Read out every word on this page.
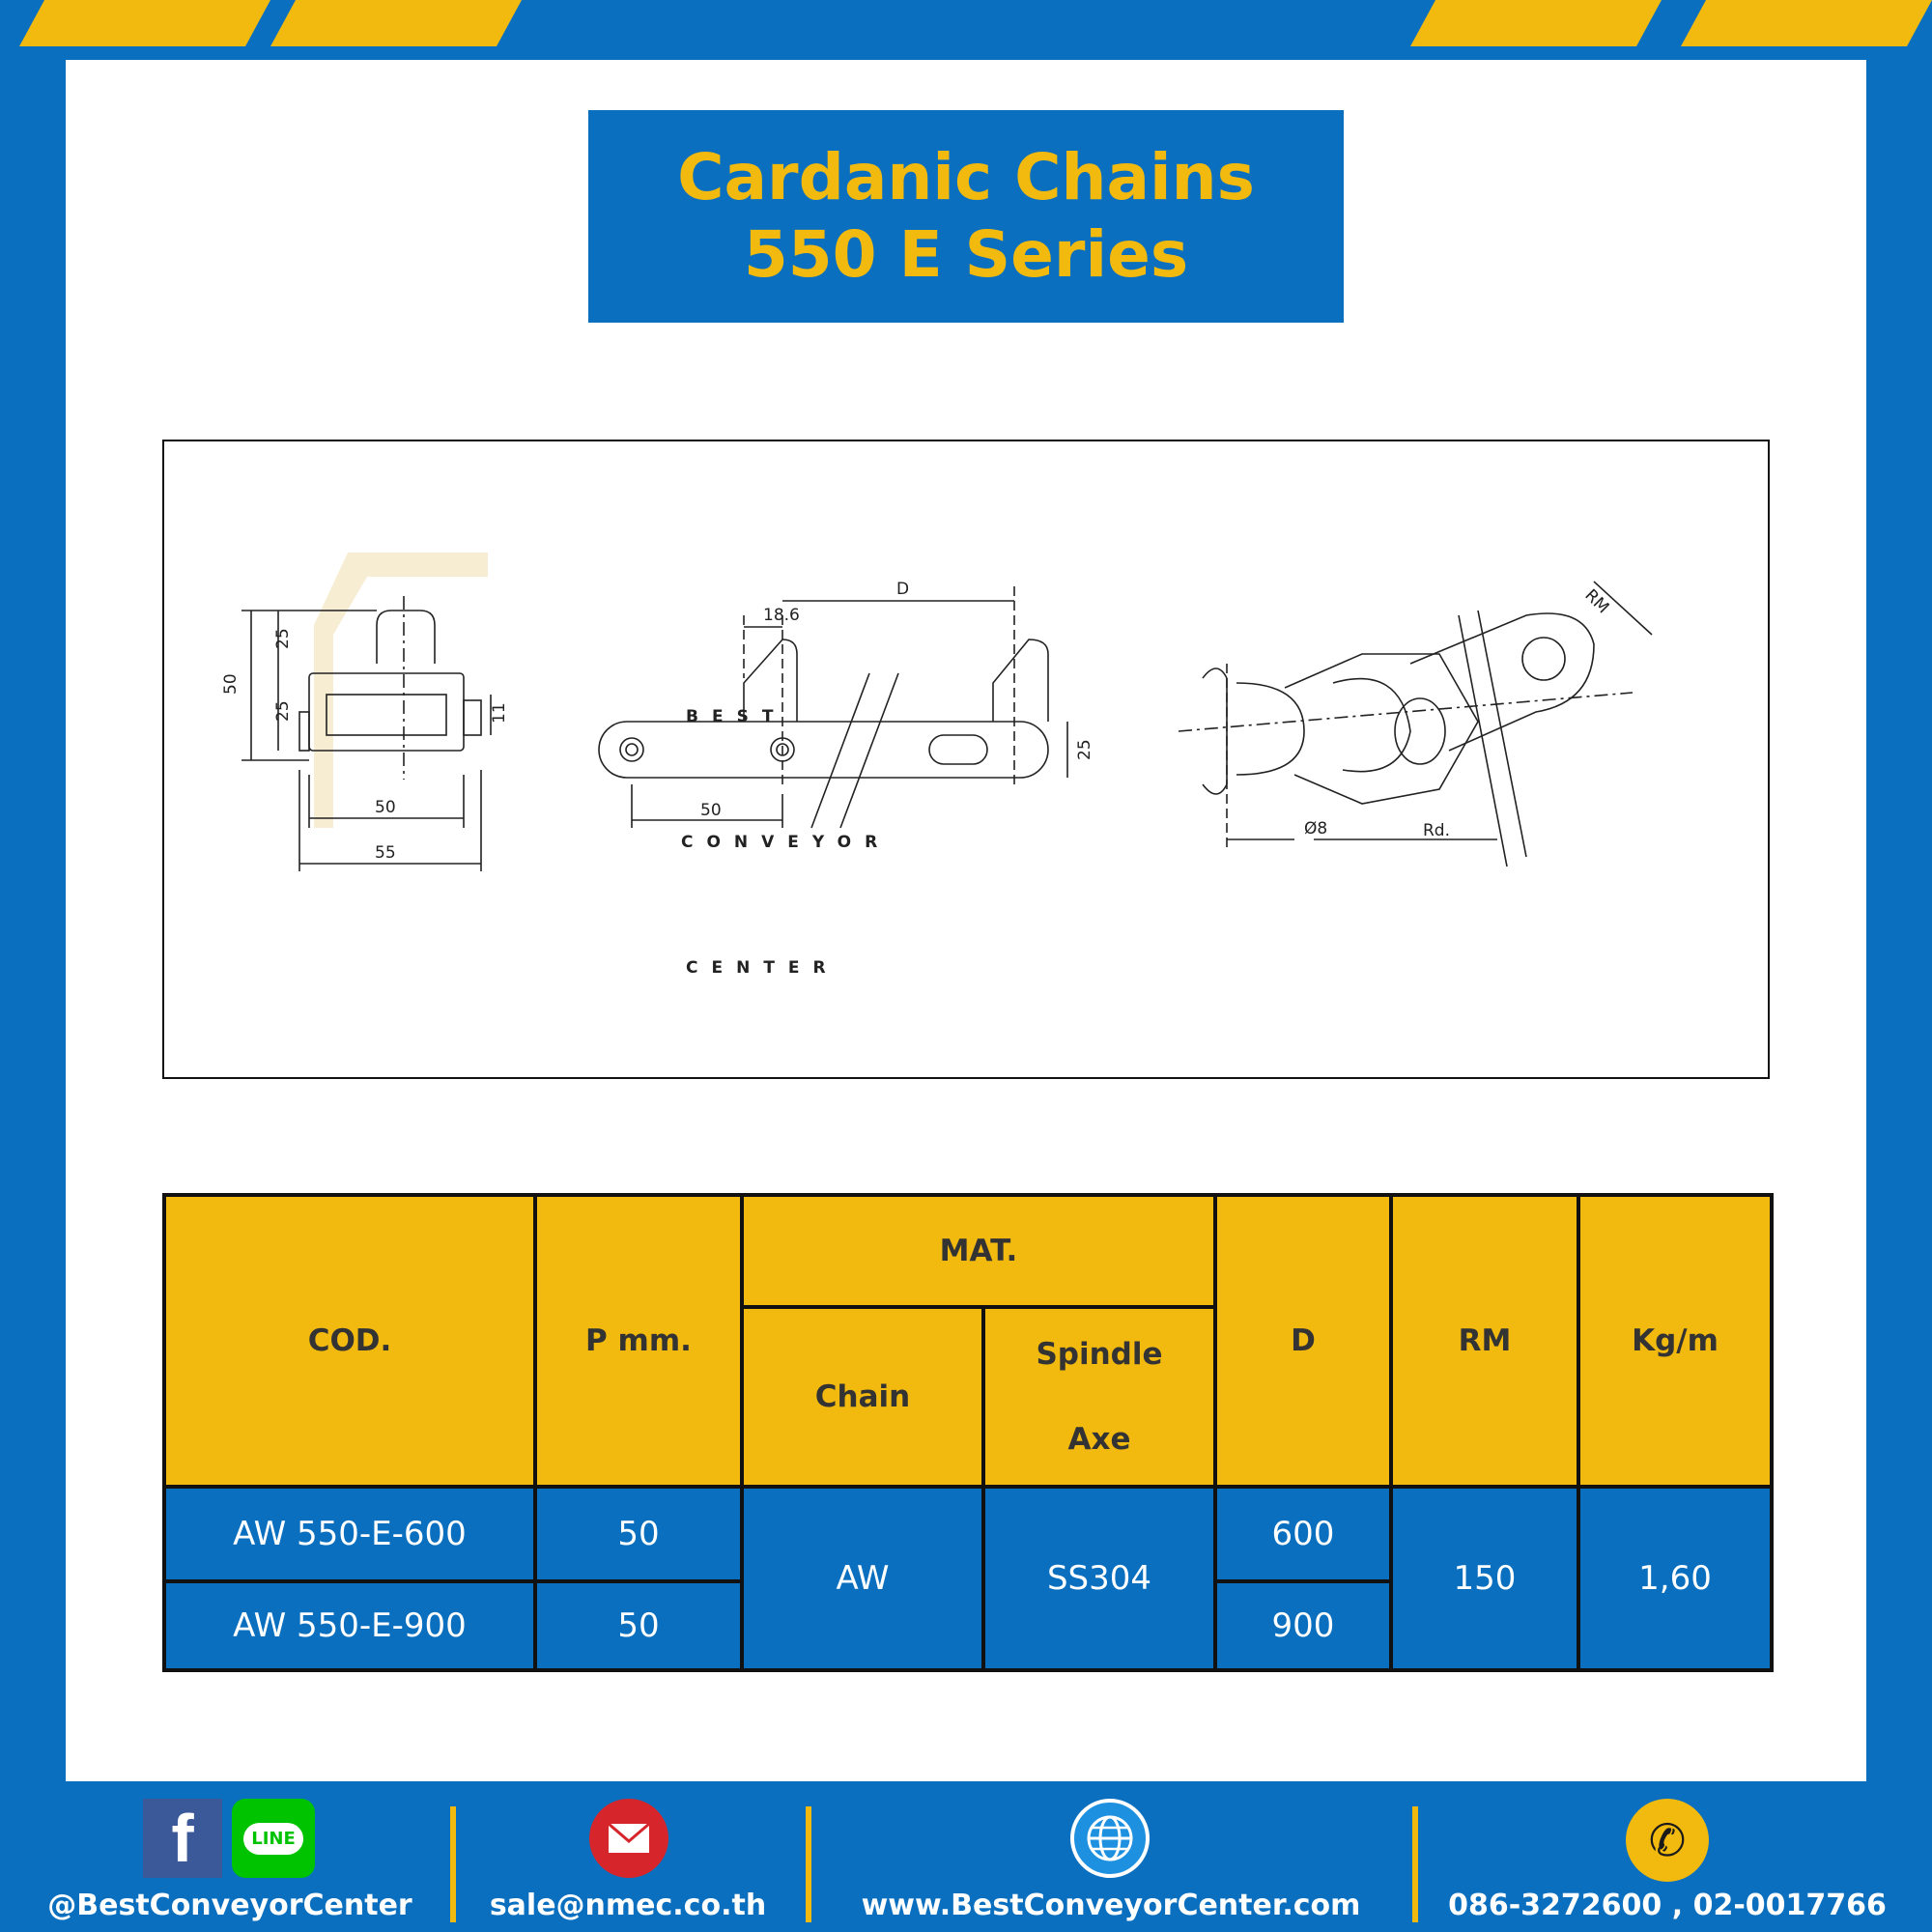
Cardanic Chains
550 E Series
BEST
CONVEYOR
CENTER
50
25
25	11
50
55
D
18.6
50
25
RM
Ø8	Rd.
COD.	P mm.	MAT.		D	RM	Kg/m
		Chain	Spindle
Axe			

AW 550-E-600	50	AW	SS304	600	150	1,60
AW 550-E-900	50			900		
f	LINE
@BestConveyorCenter	sale@nmec.co.th	www.BestConveyorCenter.com
✆
086-3272600 , 02-0017766
